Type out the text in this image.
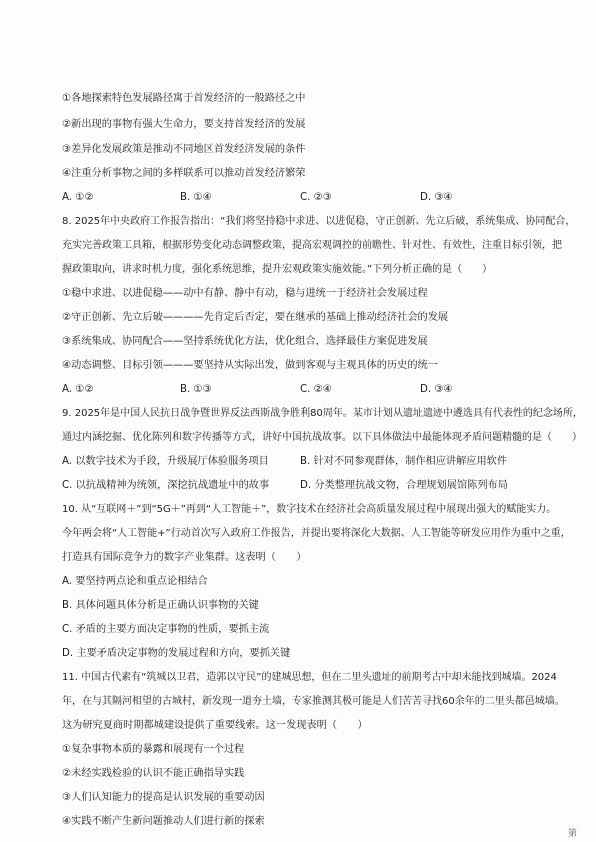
①各地探索特色发展路径寓于首发经济的一般路径之中
②新出现的事物有强大生命力，要支持首发经济的发展
③差异化发展政策是推动不同地区首发经济发展的条件
④注重分析事物之间的多样联系可以推动首发经济繁荣
A. ①②	B. ①④	C. ②③	D. ③④
8. 2025年中央政府工作报告指出：“我们将坚持稳中求进、以进促稳，守正创新、先立后破，系统集成、协同配合，
充实完善政策工具箱，根据形势变化动态调整政策，提高宏观调控的前瞻性、针对性、有效性，注重目标引领，把
握政策取向，讲求时机力度，强化系统思维，提升宏观政策实施效能。”下列分析正确的是（　　）
①稳中求进、以进促稳——动中有静、静中有动，稳与进统一于经济社会发展过程
②守正创新、先立后破————先肯定后否定，要在继承的基础上推动经济社会的发展
③系统集成、协同配合——坚持系统优化方法，优化组合，选择最佳方案促进发展
④动态调整、目标引领———要坚持从实际出发，做到客观与主观具体的历史的统一
A. ①②	B. ①③	C. ②④	D. ③④
9. 2025年是中国人民抗日战争暨世界反法西斯战争胜利80周年。某市计划从遗址遗迹中遴选具有代表性的纪念场所，
通过内涵挖掘、优化陈列和数字传播等方式，讲好中国抗战故事。以下具体做法中最能体现矛盾问题精髓的是（　　）
A. 以数字技术为手段，升级展厅体验服务项目	B. 针对不同参观群体，制作相应讲解应用软件
C. 以抗战精神为统领，深挖抗战遗址中的故事	D. 分类整理抗战文物，合理规划展馆陈列布局
10. 从“互联网＋”到“5G＋”再到“人工智能＋”，数字技术在经济社会高质量发展过程中展现出强大的赋能实力。
今年两会将“人工智能+”行动首次写入政府工作报告，并提出要将深化大数据、人工智能等研发应用作为重中之重，
打造具有国际竞争力的数字产业集群。这表明（　　）
A. 要坚持两点论和重点论相结合
B. 具体问题具体分析是正确认识事物的关键
C. 矛盾的主要方面决定事物的性质，要抓主流
D. 主要矛盾决定事物的发展过程和方向，要抓关键
11. 中国古代素有“筑城以卫君，造郭以守民”的建城思想，但在二里头遗址的前期考古中却未能找到城墙。2024
年，在与其隔河相望的古城村，新发现一道夯土墙，专家推测其极可能是人们苦苦寻找60余年的二里头都邑城墙。
这为研究夏商时期都城建设提供了重要线索。这一发现表明（　　）
①复杂事物本质的暴露和展现有一个过程
②未经实践检验的认识不能正确指导实践
③人们认知能力的提高是认识发展的重要动因
④实践不断产生新问题推动人们进行新的探索
第
